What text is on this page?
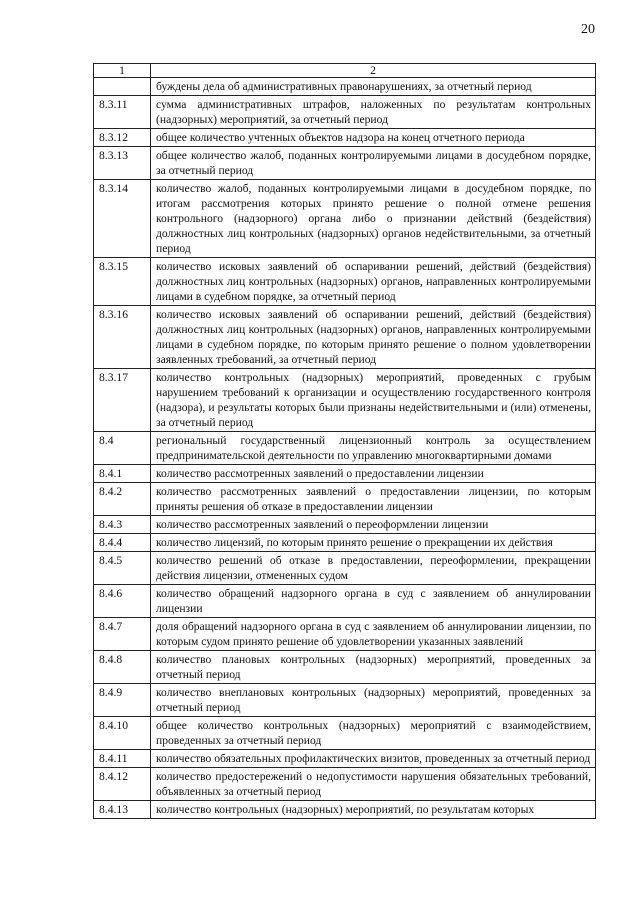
20
1	2
	буждены дела об административных правонарушениях, за отчетный период
8.3.11	сумма административных штрафов, наложенных по результатам контрольных (надзорных) мероприятий, за отчетный период
8.3.12	общее количество учтенных объектов надзора на конец отчетного периода
8.3.13	общее количество жалоб, поданных контролируемыми лицами в досудебном порядке, за отчетный период
8.3.14	количество жалоб, поданных контролируемыми лицами в досудебном порядке, по итогам рассмотрения которых принято решение о полной отмене решения контрольного (надзорного) органа либо о признании действий (бездействия) должностных лиц контрольных (надзорных) органов недействительными, за отчетный период
8.3.15	количество исковых заявлений об оспаривании решений, действий (бездействия) должностных лиц контрольных (надзорных) органов, направленных контролируемыми лицами в судебном порядке, за отчетный период
8.3.16	количество исковых заявлений об оспаривании решений, действий (бездействия) должностных лиц контрольных (надзорных) органов, направленных контролируемыми лицами в судебном порядке, по которым принято решение о полном удовлетворении заявленных требований, за отчетный период
8.3.17	количество контрольных (надзорных) мероприятий, проведенных с грубым нарушением требований к организации и осуществлению государственного контроля (надзора), и результаты которых были признаны недействительными и (или) отменены, за отчетный период
8.4	региональный государственный лицензионный контроль за осуществлением предпринимательской деятельности по управлению многоквартирными домами
8.4.1	количество рассмотренных заявлений о предоставлении лицензии
8.4.2	количество рассмотренных заявлений о предоставлении лицензии, по которым приняты решения об отказе в предоставлении лицензии
8.4.3	количество рассмотренных заявлений о переоформлении лицензии
8.4.4	количество лицензий, по которым принято решение о прекращении их действия
8.4.5	количество решений об отказе в предоставлении, переоформлении, прекращении действия лицензии, отмененных судом
8.4.6	количество обращений надзорного органа в суд с заявлением об аннулировании лицензии
8.4.7	доля обращений надзорного органа в суд с заявлением об аннулировании лицензии, по которым судом принято решение об удовлетворении указанных заявлений
8.4.8	количество плановых контрольных (надзорных) мероприятий, проведенных за отчетный период
8.4.9	количество внеплановых контрольных (надзорных) мероприятий, проведенных за отчетный период
8.4.10	общее количество контрольных (надзорных) мероприятий с взаимодействием, проведенных за отчетный период
8.4.11	количество обязательных профилактических визитов, проведенных за отчетный период
8.4.12	количество предостережений о недопустимости нарушения обязательных требований, объявленных за отчетный период
8.4.13	количество контрольных (надзорных) мероприятий, по результатам которых
